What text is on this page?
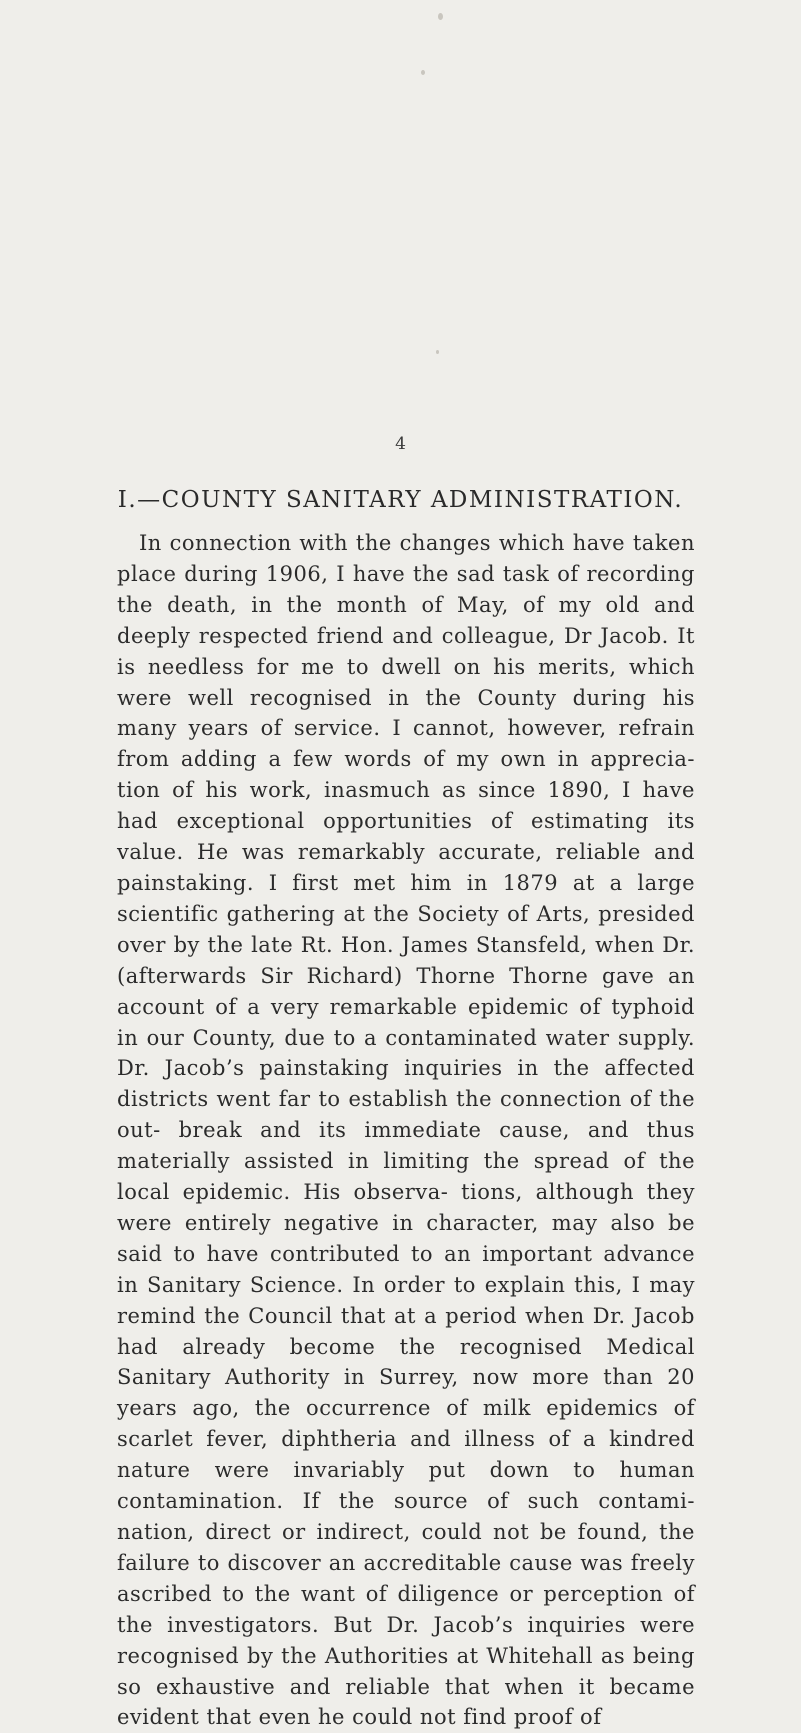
4
I.—COUNTY SANITARY ADMINISTRATION.

In connection with the changes which have taken place during 1906, I have the sad task of recording the death, in the month of May, of my old and deeply respected friend and colleague, Dr Jacob. It is needless for me to dwell on his merits, which were well recognised in the County during his many years of service. I cannot, however, refrain from adding a few words of my own in apprecia- tion of his work, inasmuch as since 1890, I have had exceptional opportunities of estimating its value. He was remarkably accurate, reliable and painstaking. I first met him in 1879 at a large scientific gathering at the Society of Arts, presided over by the late Rt. Hon. James Stansfeld, when Dr. (afterwards Sir Richard) Thorne Thorne gave an account of a very remarkable epidemic of typhoid in our County, due to a contaminated water supply. Dr. Jacob’s painstaking inquiries in the affected districts went far to establish the connection of the out- break and its immediate cause, and thus materially assisted in limiting the spread of the local epidemic. His observa- tions, although they were entirely negative in character, may also be said to have contributed to an important advance in Sanitary Science. In order to explain this, I may remind the Council that at a period when Dr. Jacob had already become the recognised Medical Sanitary Authority in Surrey, now more than 20 years ago, the occurrence of milk epidemics of scarlet fever, diphtheria and illness of a kindred nature were invariably put down to human contamination. If the source of such contami- nation, direct or indirect, could not be found, the failure to discover an accreditable cause was freely ascribed to the want of diligence or perception of the investigators. But Dr. Jacob’s inquiries were recognised by the Authorities at Whitehall as being so exhaustive and reliable that when it became evident that even he could not find proof of
